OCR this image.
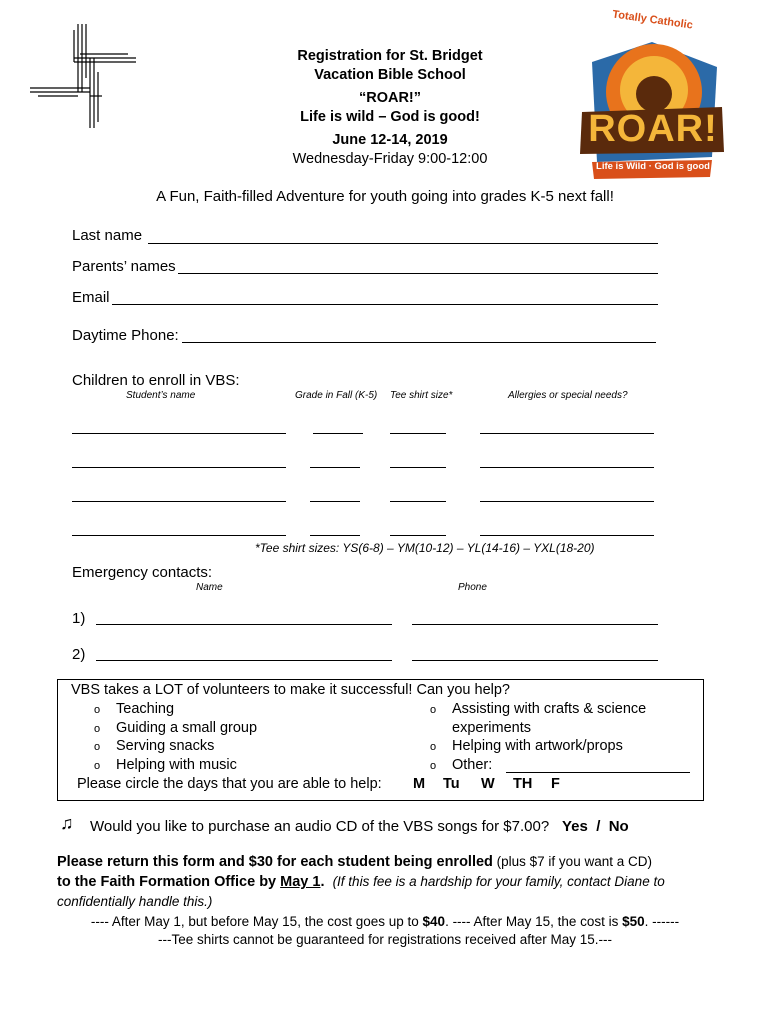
Registration for St. Bridget
Vacation Bible School
“ROAR!”
Life is wild – God is good!
June 12-14, 2019
Wednesday-Friday 9:00-12:00
Totally Catholic
ROAR!
Life is Wild · God is good
A Fun, Faith-filled Adventure for youth going into grades K-5 next fall!
Last name
Parents’ names
Email
Daytime Phone:
Children to enroll in VBS:
Student’s name	Grade in Fall (K-5) Tee shirt size*	Allergies or special needs?
*Tee shirt sizes: YS(6-8) – YM(10-12) – YL(14-16) – YXL(18-20)
Emergency contacts:
Name	Phone
1)
2)
VBS takes a LOT of volunteers to make it successful! Can you help?
o Teaching
o Guiding a small group
o Serving snacks
o Helping with music
o Assisting with crafts & science
experiments
o Helping with artwork/props
o Other:
Please circle the days that you are able to help: M Tu W TH F
♫ Would you like to purchase an audio CD of the VBS songs for $7.00? Yes  /  No
Please return this form and $30 for each student being enrolled (plus $7 if you want a CD)
to the Faith Formation Office by May 1. (If this fee is a hardship for your family, contact Diane to
confidentially handle this.)
---- After May 1, but before May 15, the cost goes up to $40. ---- After May 15, the cost is $50. ------
---Tee shirts cannot be guaranteed for registrations received after May 15.---
